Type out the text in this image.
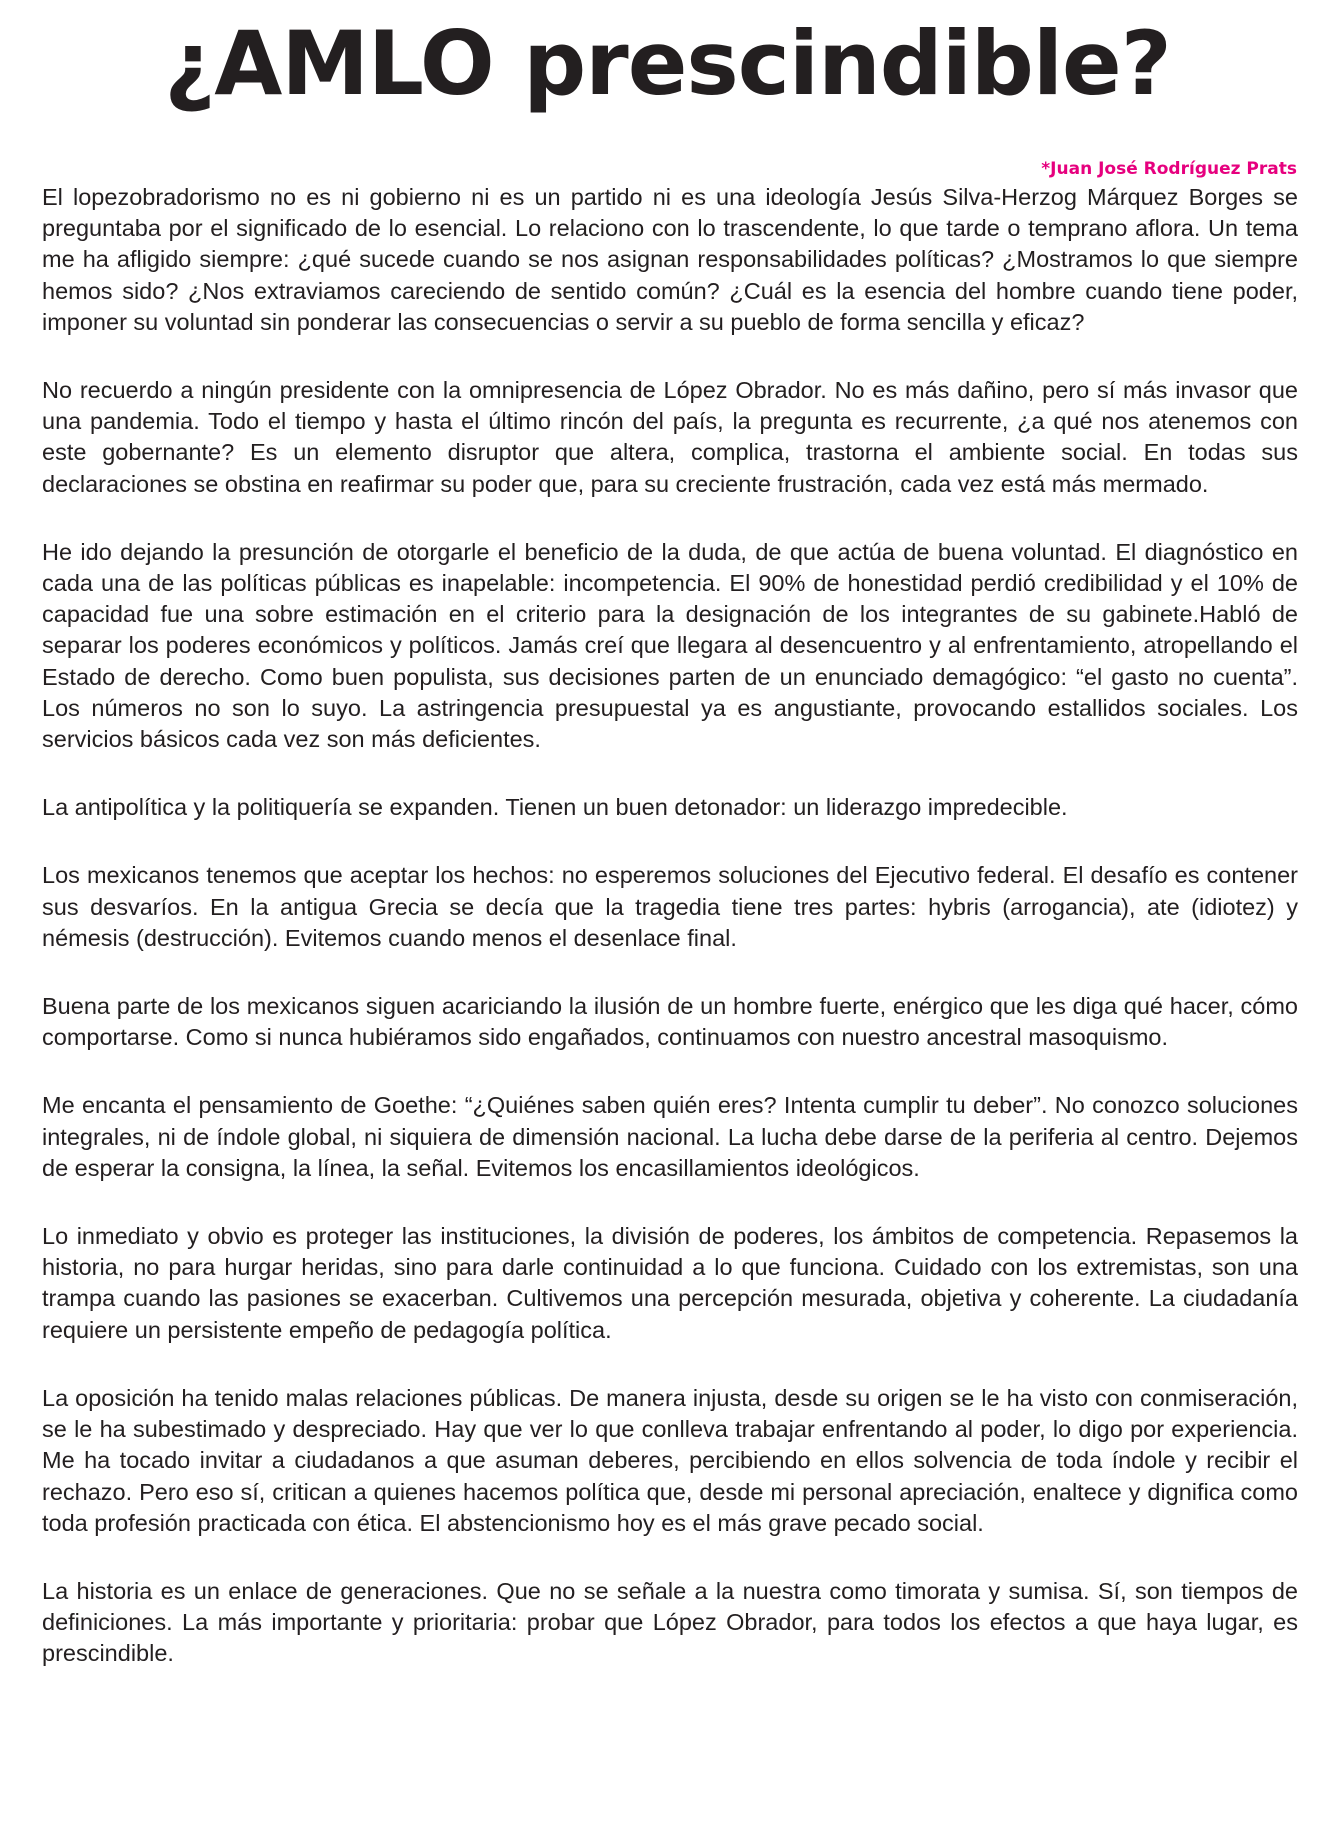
¿AMLO prescindible?

*Juan José Rodríguez Prats

El lopezobradorismo no es ni gobierno ni es un partido ni es una ideología Jesús Silva-Herzog Márquez Borges se preguntaba por el significado de lo esencial. Lo relaciono con lo trascendente, lo que tarde o temprano aflora. Un tema me ha afligido siempre: ¿qué sucede cuando se nos asignan responsabilidades políticas? ¿Mostramos lo que siempre hemos sido? ¿Nos extraviamos careciendo de sentido común? ¿Cuál es la esencia del hombre cuando tiene poder, imponer su voluntad sin ponderar las consecuencias o servir a su pueblo de forma sencilla y eficaz?

No recuerdo a ningún presidente con la omnipresencia de López Obrador. No es más dañino, pero sí más invasor que una pandemia. Todo el tiempo y hasta el último rincón del país, la pregunta es recurrente, ¿a qué nos atenemos con este gobernante? Es un elemento disruptor que altera, complica, trastorna el ambiente social. En todas sus declaraciones se obstina en reafirmar su poder que, para su creciente frustración, cada vez está más mermado.

He ido dejando la presunción de otorgarle el beneficio de la duda, de que actúa de buena voluntad. El diagnóstico en cada una de las políticas públicas es inapelable: incompetencia. El 90% de honestidad perdió credibilidad y el 10% de capacidad fue una sobre estimación en el criterio para la designación de los integrantes de su gabinete.Habló de separar los poderes económicos y políticos. Jamás creí que llegara al desencuentro y al enfrentamiento, atropellando el Estado de derecho. Como buen populista, sus decisiones parten de un enunciado demagógico: “el gasto no cuenta”. Los números no son lo suyo. La astringencia presupuestal ya es angustiante, provocando estallidos sociales. Los servicios básicos cada vez son más deficientes.

La antipolítica y la politiquería se expanden. Tienen un buen detonador: un liderazgo impredecible.

Los mexicanos tenemos que aceptar los hechos: no esperemos soluciones del Ejecutivo federal. El desafío es contener sus desvaríos. En la antigua Grecia se decía que la tragedia tiene tres partes: hybris (arrogancia), ate (idiotez) y némesis (destrucción). Evitemos cuando menos el desenlace final.

Buena parte de los mexicanos siguen acariciando la ilusión de un hombre fuerte, enérgico que les diga qué hacer, cómo comportarse. Como si nunca hubiéramos sido engañados, continuamos con nuestro ancestral masoquismo.

Me encanta el pensamiento de Goethe: “¿Quiénes saben quién eres? Intenta cumplir tu deber”. No conozco soluciones integrales, ni de índole global, ni siquiera de dimensión nacional. La lucha debe darse de la periferia al centro. Dejemos de esperar la consigna, la línea, la señal. Evitemos los encasillamientos ideológicos.

Lo inmediato y obvio es proteger las instituciones, la división de poderes, los ámbitos de competencia. Repasemos la historia, no para hurgar heridas, sino para darle continuidad a lo que funciona. Cuidado con los extremistas, son una trampa cuando las pasiones se exacerban. Cultivemos una percepción mesurada, objetiva y coherente. La ciudadanía requiere un persistente empeño de pedagogía política.

La oposición ha tenido malas relaciones públicas. De manera injusta, desde su origen se le ha visto con conmiseración, se le ha subestimado y despreciado. Hay que ver lo que conlleva trabajar enfrentando al poder, lo digo por experiencia. Me ha tocado invitar a ciudadanos a que asuman deberes, percibiendo en ellos solvencia de toda índole y recibir el rechazo. Pero eso sí, critican a quienes hacemos política que, desde mi personal apreciación, enaltece y dignifica como toda profesión practicada con ética. El abstencionismo hoy es el más grave pecado social.

La historia es un enlace de generaciones. Que no se señale a la nuestra como timorata y sumisa. Sí, son tiempos de definiciones. La más importante y prioritaria: probar que López Obrador, para todos los efectos a que haya lugar, es prescindible.
